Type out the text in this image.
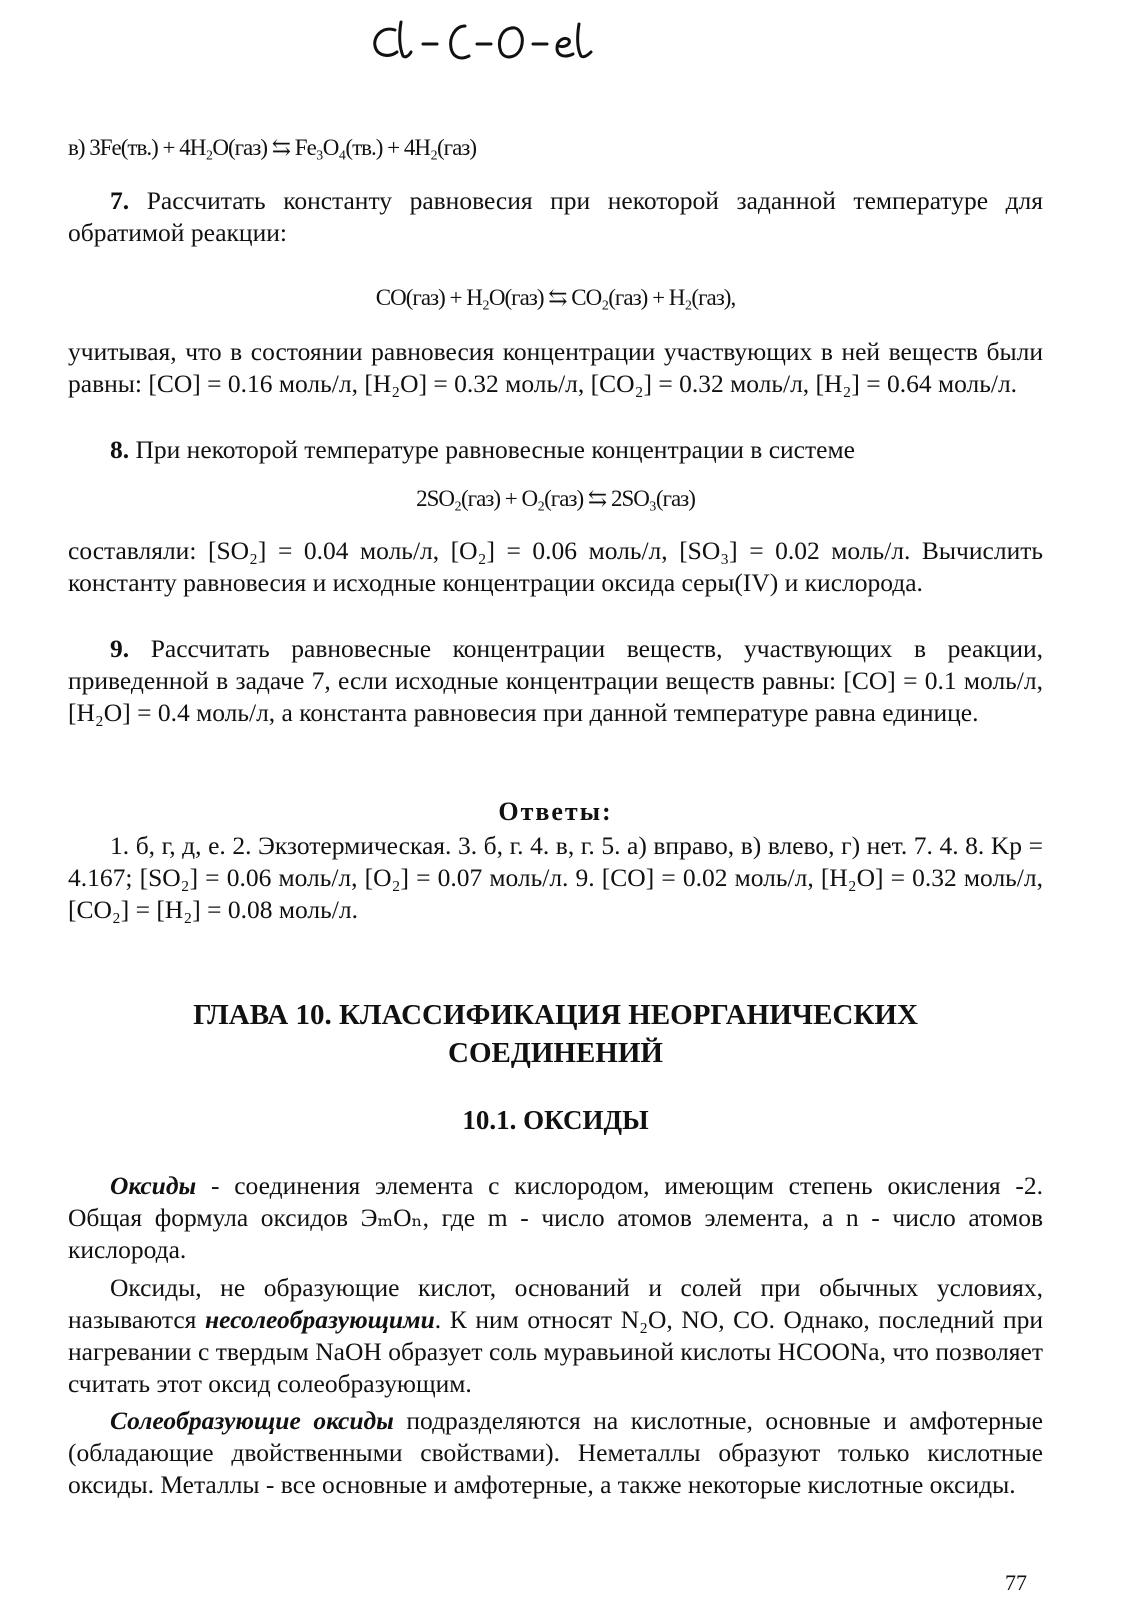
в) 3Fe(тв.) + 4H₂O(газ) ⇆ Fe₃O₄(тв.) + 4H₂(газ)

7. Рассчитать константу равновесия при некоторой заданной температуре для обратимой реакции:

CO(газ) + H₂O(газ) ⇆ CO₂(газ) + H₂(газ),

учитывая, что в состоянии равновесия концентрации участвующих в ней веществ были равны: [CO] = 0.16 моль/л, [H₂O] = 0.32 моль/л, [CO₂] = 0.32 моль/л, [H₂] = 0.64 моль/л.

8. При некоторой температуре равновесные концентрации в системе

2SO₂(газ) + O₂(газ) ⇆ 2SO₃(газ)

составляли: [SO₂] = 0.04 моль/л, [O₂] = 0.06 моль/л, [SO₃] = 0.02 моль/л. Вычислить константу равновесия и исходные концентрации оксида серы(IV) и кислорода.

9. Рассчитать равновесные концентрации веществ, участвующих в реакции, приведенной в задаче 7, если исходные концентрации веществ равны: [CO] = 0.1 моль/л, [H₂O] = 0.4 моль/л, а константа равновесия при данной температуре равна единице.

Ответы:

1. б, г, д, е. 2. Экзотермическая. 3. б, г. 4. в, г. 5. а) вправо, в) влево, г) нет. 7. 4. 8. Kp = 4.167; [SO₂] = 0.06 моль/л, [O₂] = 0.07 моль/л. 9. [CO] = 0.02 моль/л, [H₂O] = 0.32 моль/л, [CO₂] = [H₂] = 0.08 моль/л.

ГЛАВА 10. КЛАССИФИКАЦИЯ НЕОРГАНИЧЕСКИХ
СОЕДИНЕНИЙ
10.1. ОКСИДЫ

Оксиды - соединения элемента с кислородом, имеющим степень окисления -2. Общая формула оксидов ЭₘOₙ, где m - число атомов элемента, а n - число атомов кислорода.

Оксиды, не образующие кислот, оснований и солей при обычных условиях, называются несолеобразующими. К ним относят N₂O, NO, CO. Однако, последний при нагревании с твердым NaOH образует соль муравьиной кислоты HCOONa, что позволяет считать этот оксид солеобразующим.

Солеобразующие оксиды подразделяются на кислотные, основные и амфотерные (обладающие двойственными свойствами). Неметаллы образуют только кислотные оксиды. Металлы - все основные и амфотерные, а также некоторые кислотные оксиды.

77
